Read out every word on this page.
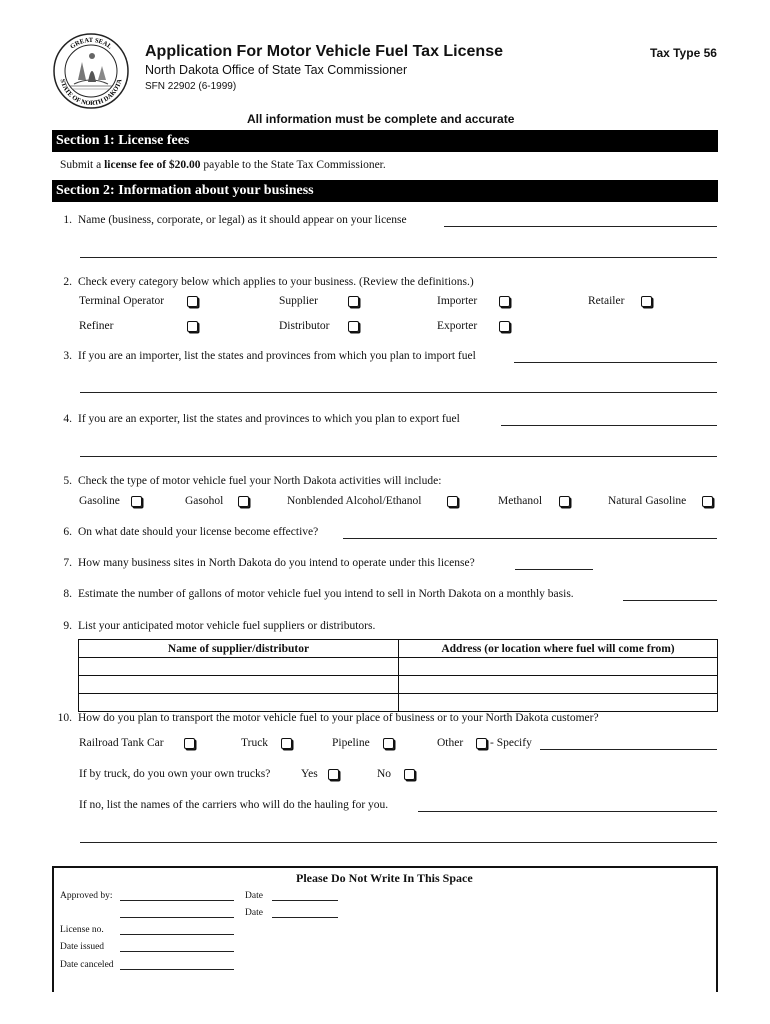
GREAT SEAL
STATE OF NORTH DAKOTA
Application For Motor Vehicle Fuel Tax License	Tax Type 56
North Dakota Office of State Tax Commissioner
SFN 22902 (6-1999)
All information must be complete and accurate
Section 1: License fees
Submit a license fee of $20.00 payable to the State Tax Commissioner.
Section 2: Information about your business
1. Name (business, corporate, or legal) as it should appear on your license
2. Check every category below which applies to your business. (Review the definitions.)
Terminal Operator	Supplier	Importer	Retailer
Refiner	Distributor	Exporter
3. If you are an importer, list the states and provinces from which you plan to import fuel
4. If you are an exporter, list the states and provinces to which you plan to export fuel
5. Check the type of motor vehicle fuel your North Dakota activities will include:
Gasoline	Gasohol	Nonblended Alcohol/Ethanol	Methanol	Natural Gasoline
6. On what date should your license become effective?
7. How many business sites in North Dakota do you intend to operate under this license?
8. Estimate the number of gallons of motor vehicle fuel you intend to sell in North Dakota on a monthly basis.
9. List your anticipated motor vehicle fuel suppliers or distributors.
Name of supplier/distributor	Address (or location where fuel will come from)

10. How do you plan to transport the motor vehicle fuel to your place of business or to your North Dakota customer?
Railroad Tank Car	Truck	Pipeline	Other - Specify
If by truck, do you own your own trucks?	Yes	No
If no, list the names of the carriers who will do the hauling for you.
Please Do Not Write In This Space
Approved by:	Date
Date
License no.
Date issued
Date canceled
